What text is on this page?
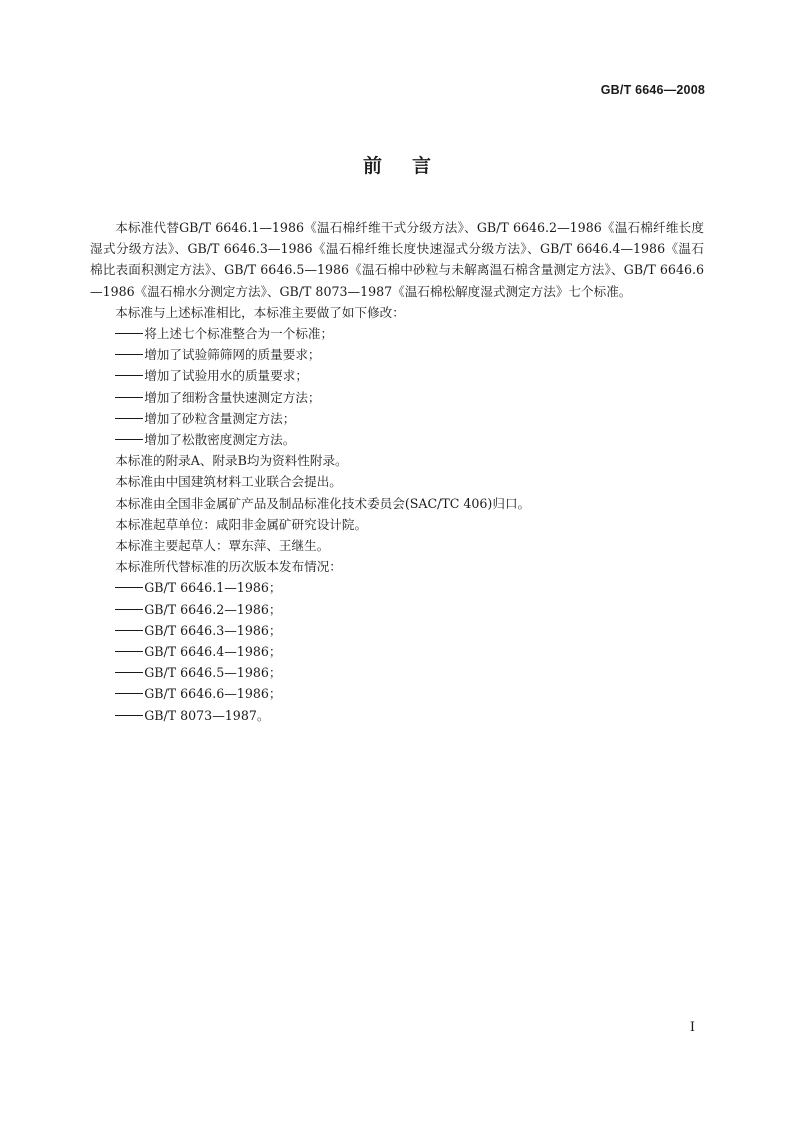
GB/T 6646—2008
前言

本标准代替GB/T 6646.1—1986《温石棉纤维干式分级方法》、GB/T 6646.2—1986《温石棉纤维长度湿式分级方法》、GB/T 6646.3—1986《温石棉纤维长度快速湿式分级方法》、GB/T 6646.4—1986《温石棉比表面积测定方法》、GB/T 6646.5—1986《温石棉中砂粒与未解离温石棉含量测定方法》、GB/T 6646.6—1986《温石棉水分测定方法》、GB/T 8073—1987《温石棉松解度湿式测定方法》七个标准。

本标准与上述标准相比，本标准主要做了如下修改：

将上述七个标准整合为一个标准；
增加了试验筛筛网的质量要求；
增加了试验用水的质量要求；
增加了细粉含量快速测定方法；
增加了砂粒含量测定方法；
增加了松散密度测定方法。

本标准的附录A、附录B均为资料性附录。

本标准由中国建筑材料工业联合会提出。

本标准由全国非金属矿产品及制品标准化技术委员会(SAC/TC 406)归口。

本标准起草单位：咸阳非金属矿研究设计院。

本标准主要起草人：覃东萍、王继生。

本标准所代替标准的历次版本发布情况：

GB/T 6646.1—1986；
GB/T 6646.2—1986；
GB/T 6646.3—1986；
GB/T 6646.4—1986；
GB/T 6646.5—1986；
GB/T 6646.6—1986；
GB/T 8073—1987。
I
